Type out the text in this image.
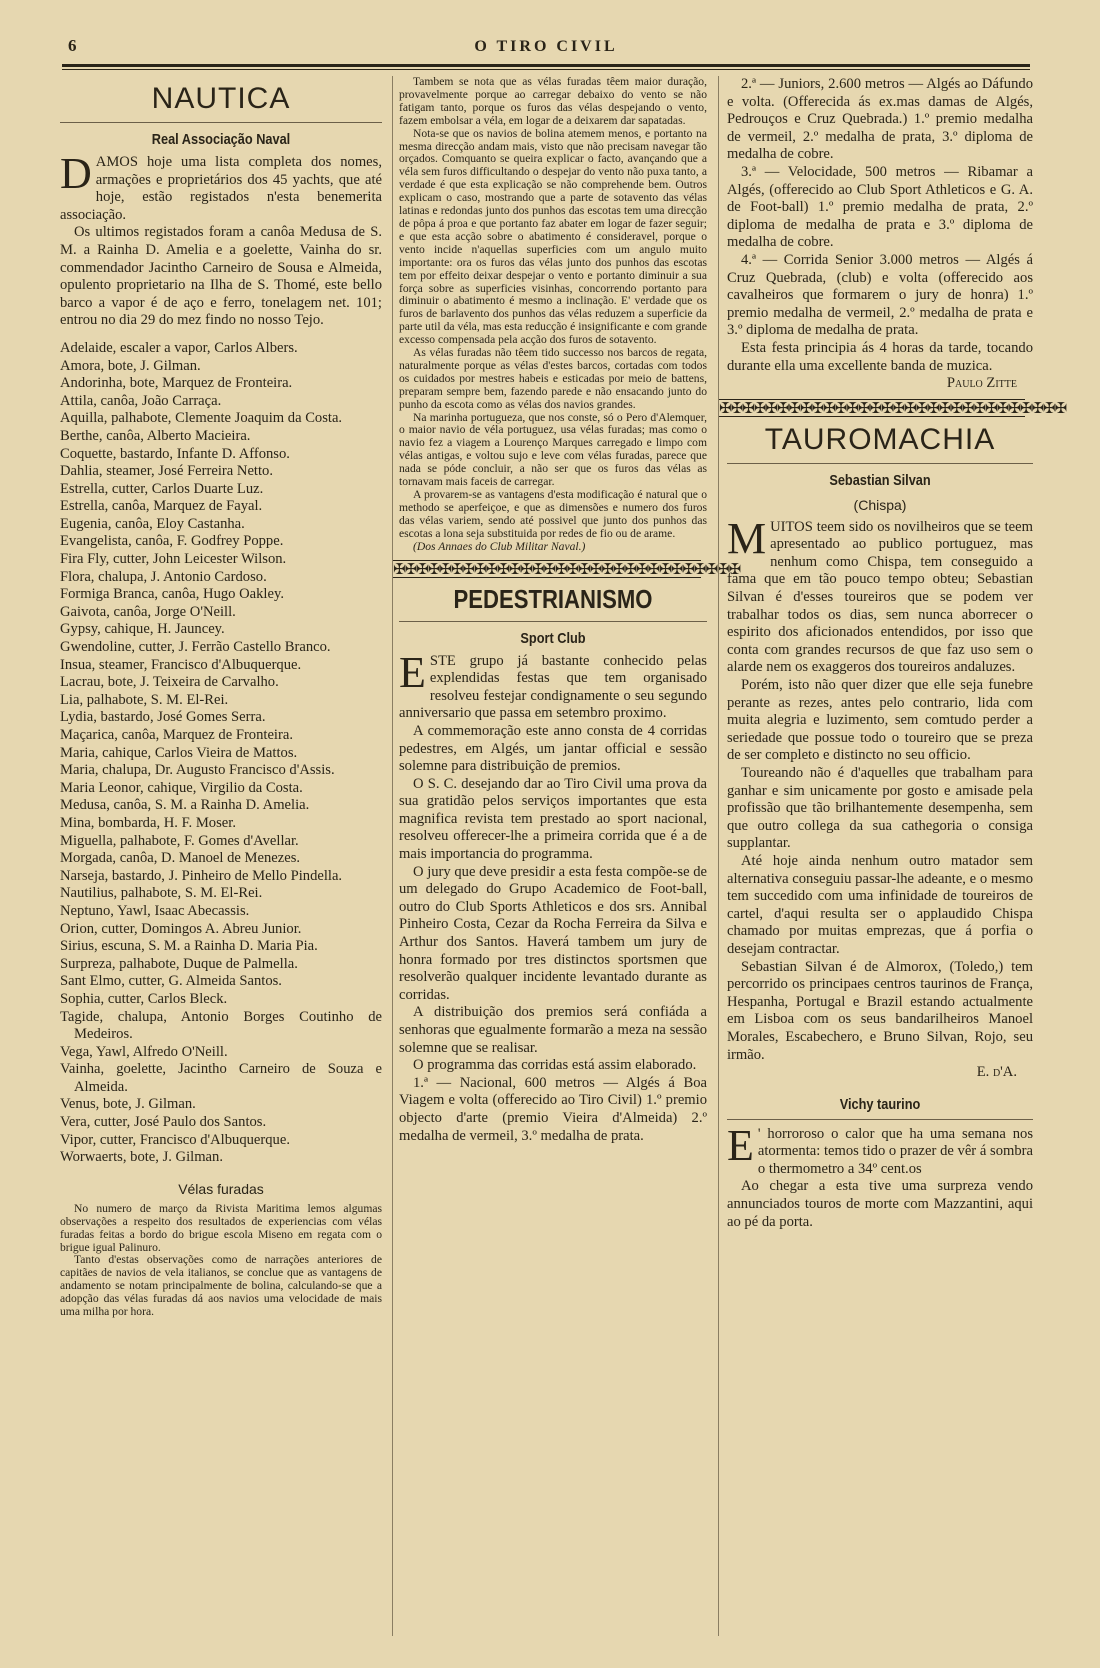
6	O TIRO CIVIL
NAUTICA
Real Associação Naval
D AMOS hoje uma lista completa dos nomes, armações e proprietários dos 45 yachts, que até hoje, estão registados n'esta benemerita associação.

Os ultimos registados foram a canôa Medusa de S. M. a Rainha D. Amelia e a goelette, Vainha do sr. commendador Jacintho Carneiro de Sousa e Almeida, opulento proprietario na Ilha de S. Thomé, este bello barco a vapor é de aço e ferro, tonelagem net. 101; entrou no dia 29 do mez findo no nosso Tejo.

Adelaide, escaler a vapor, Carlos Albers.

Amora, bote, J. Gilman.

Andorinha, bote, Marquez de Fronteira.

Attila, canôa, João Carraça.

Aquilla, palhabote, Clemente Joaquim da Costa.

Berthe, canôa, Alberto Macieira.

Coquette, bastardo, Infante D. Affonso.

Dahlia, steamer, José Ferreira Netto.

Estrella, cutter, Carlos Duarte Luz.

Estrella, canôa, Marquez de Fayal.

Eugenia, canôa, Eloy Castanha.

Evangelista, canôa, F. Godfrey Poppe.

Fira Fly, cutter, John Leicester Wilson.

Flora, chalupa, J. Antonio Cardoso.

Formiga Branca, canôa, Hugo Oakley.

Gaivota, canôa, Jorge O'Neill.

Gypsy, cahique, H. Jauncey.

Gwendoline, cutter, J. Ferrão Castello Branco.

Insua, steamer, Francisco d'Albuquerque.

Lacrau, bote, J. Teixeira de Carvalho.

Lia, palhabote, S. M. El-Rei.

Lydia, bastardo, José Gomes Serra.

Maçarica, canôa, Marquez de Fronteira.

Maria, cahique, Carlos Vieira de Mattos.

Maria, chalupa, Dr. Augusto Francisco d'Assis.

Maria Leonor, cahique, Virgilio da Costa.

Medusa, canôa, S. M. a Rainha D. Amelia.

Mina, bombarda, H. F. Moser.

Miguella, palhabote, F. Gomes d'Avellar.

Morgada, canôa, D. Manoel de Menezes.

Narseja, bastardo, J. Pinheiro de Mello Pindella.

Nautilius, palhabote, S. M. El-Rei.

Neptuno, Yawl, Isaac Abecassis.

Orion, cutter, Domingos A. Abreu Junior.

Sirius, escuna, S. M. a Rainha D. Maria Pia.

Surpreza, palhabote, Duque de Palmella.

Sant Elmo, cutter, G. Almeida Santos.

Sophia, cutter, Carlos Bleck.

Tagide, chalupa, Antonio Borges Coutinho de Medeiros.

Vega, Yawl, Alfredo O'Neill.

Vainha, goelette, Jacintho Carneiro de Souza e Almeida.

Venus, bote, J. Gilman.

Vera, cutter, José Paulo dos Santos.

Vipor, cutter, Francisco d'Albuquerque.

Worwaerts, bote, J. Gilman.

Vélas furadas

No numero de março da Rivista Maritima lemos algumas observações a respeito dos resultados de experiencias com vélas furadas feitas a bordo do brigue escola Miseno em regata com o brigue igual Palinuro.

Tanto d'estas observações como de narrações anteriores de capitães de navios de vela italianos, se conclue que as vantagens de andamento se notam principalmente de bolina, calculando-se que a adopção das vélas furadas dá aos navios uma velocidade de mais uma milha por hora.

Tambem se nota que as vélas furadas têem maior duração, provavelmente porque ao carregar debaixo do vento se não fatigam tanto, porque os furos das vélas despejando o vento, fazem embolsar a véla, em logar de a deixarem dar sapatadas.

Nota-se que os navios de bolina atemem menos, e portanto na mesma direcção andam mais, visto que não precisam navegar tão orçados. Comquanto se queira explicar o facto, avançando que a véla sem furos difficultando o despejar do vento não puxa tanto, a verdade é que esta explicação se não comprehende bem. Outros explicam o caso, mostrando que a parte de sotavento das vélas latinas e redondas junto dos punhos das escotas tem uma direcção de pôpa á proa e que portanto faz abater em logar de fazer seguir; e que esta acção sobre o abatimento é consideravel, porque o vento incide n'aquellas superficies com um angulo muito importante: ora os furos das vélas junto dos punhos das escotas tem por effeito deixar despejar o vento e portanto diminuir a sua força sobre as superficies visinhas, concorrendo portanto para diminuir o abatimento é mesmo a inclinação. E' verdade que os furos de barlavento dos punhos das vélas reduzem a superficie da parte util da véla, mas esta reducção é insignificante e com grande excesso compensada pela acção dos furos de sotavento.

As vélas furadas não têem tido successo nos barcos de regata, naturalmente porque as vélas d'estes barcos, cortadas com todos os cuidados por mestres habeis e esticadas por meio de battens, preparam sempre bem, fazendo parede e não ensacando junto do punho da escota como as vélas dos navios grandes.

Na marinha portugueza, que nos conste, só o Pero d'Alemquer, o maior navio de véla portuguez, usa vélas furadas; mas como o navio fez a viagem a Lourenço Marques carregado e limpo com vélas antigas, e voltou sujo e leve com vélas furadas, parece que nada se póde concluir, a não ser que os furos das vélas as tornavam mais faceis de carregar.

A provarem-se as vantagens d'esta modificação é natural que o methodo se aperfeiçoe, e que as dimensões e numero dos furos das vélas variem, sendo até possivel que junto dos punhos das escotas a lona seja substituida por redes de fio ou de arame.

(Dos Annaes do Club Militar Naval.)

✠✠✠✠✠✠✠✠✠✠✠✠✠✠✠✠✠✠✠✠✠✠✠✠✠✠✠✠✠✠
PEDESTRIANISMO
Sport Club
E STE grupo já bastante conhecido pelas explendidas festas que tem organisado resolveu festejar condignamente o seu segundo anniversario que passa em setembro proximo.

A commemoração este anno consta de 4 corridas pedestres, em Algés, um jantar official e sessão solemne para distribuição de premios.

O S. C. desejando dar ao Tiro Civil uma prova da sua gratidão pelos serviços importantes que esta magnifica revista tem prestado ao sport nacional, resolveu offerecer-lhe a primeira corrida que é a de mais importancia do programma.

O jury que deve presidir a esta festa compõe-se de um delegado do Grupo Academico de Foot-ball, outro do Club Sports Athleticos e dos srs. Annibal Pinheiro Costa, Cezar da Rocha Ferreira da Silva e Arthur dos Santos. Haverá tambem um jury de honra formado por tres distinctos sportsmen que resolverão qualquer incidente levantado durante as corridas.

A distribuição dos premios será confiáda a senhoras que egualmente formarão a meza na sessão solemne que se realisar.

O programma das corridas está assim elaborado.

1.ª — Nacional, 600 metros — Algés á Boa Viagem e volta (offerecido ao Tiro Civil) 1.º premio objecto d'arte (premio Vieira d'Almeida) 2.º medalha de vermeil, 3.º medalha de prata.

2.ª — Juniors, 2.600 metros — Algés ao Dáfundo e volta. (Offerecida ás ex.mas damas de Algés, Pedrouços e Cruz Quebrada.) 1.º premio medalha de vermeil, 2.º medalha de prata, 3.º diploma de medalha de cobre.

3.ª — Velocidade, 500 metros — Ribamar a Algés, (offerecido ao Club Sport Athleticos e G. A. de Foot-ball) 1.º premio medalha de prata, 2.º diploma de medalha de prata e 3.º diploma de medalha de cobre.

4.ª — Corrida Senior 3.000 metros — Algés á Cruz Quebrada, (club) e volta (offerecido aos cavalheiros que formarem o jury de honra) 1.º premio medalha de vermeil, 2.º medalha de prata e 3.º diploma de medalha de prata.

Esta festa principia ás 4 horas da tarde, tocando durante ella uma excellente banda de muzica.

Paulo Zitte

✠✠✠✠✠✠✠✠✠✠✠✠✠✠✠✠✠✠✠✠✠✠✠✠✠✠✠✠✠✠
TAUROMACHIA
Sebastian Silvan
(Chispa)
M UITOS teem sido os novilheiros que se teem apresentado ao publico portuguez, mas nenhum como Chispa, tem conseguido a fama que em tão pouco tempo obteu; Sebastian Silvan é d'esses toureiros que se podem ver trabalhar todos os dias, sem nunca aborrecer o espirito dos aficionados entendidos, por isso que conta com grandes recursos de que faz uso sem o alarde nem os exaggeros dos toureiros andaluzes.

Porém, isto não quer dizer que elle seja funebre perante as rezes, antes pelo contrario, lida com muita alegria e luzimento, sem comtudo perder a seriedade que possue todo o toureiro que se preza de ser completo e distincto no seu officio.

Toureando não é d'aquelles que trabalham para ganhar e sim unicamente por gosto e amisade pela profissão que tão brilhantemente desempenha, sem que outro collega da sua cathegoria o consiga supplantar.

Até hoje ainda nenhum outro matador sem alternativa conseguiu passar-lhe adeante, e o mesmo tem succedido com uma infinidade de toureiros de cartel, d'aqui resulta ser o applaudido Chispa chamado por muitas emprezas, que á porfia o desejam contractar.

Sebastian Silvan é de Almorox, (Toledo,) tem percorrido os principaes centros taurinos de França, Hespanha, Portugal e Brazil estando actualmente em Lisboa com os seus bandarilheiros Manoel Morales, Escabechero, e Bruno Silvan, Rojo, seu irmão.

E. d'A.

Vichy taurino
E ' horroroso o calor que ha uma semana nos atormenta: temos tido o prazer de vêr á sombra o thermometro a 34º cent.os

Ao chegar a esta tive uma surpreza vendo annunciados touros de morte com Mazzantini, aqui ao pé da porta.
